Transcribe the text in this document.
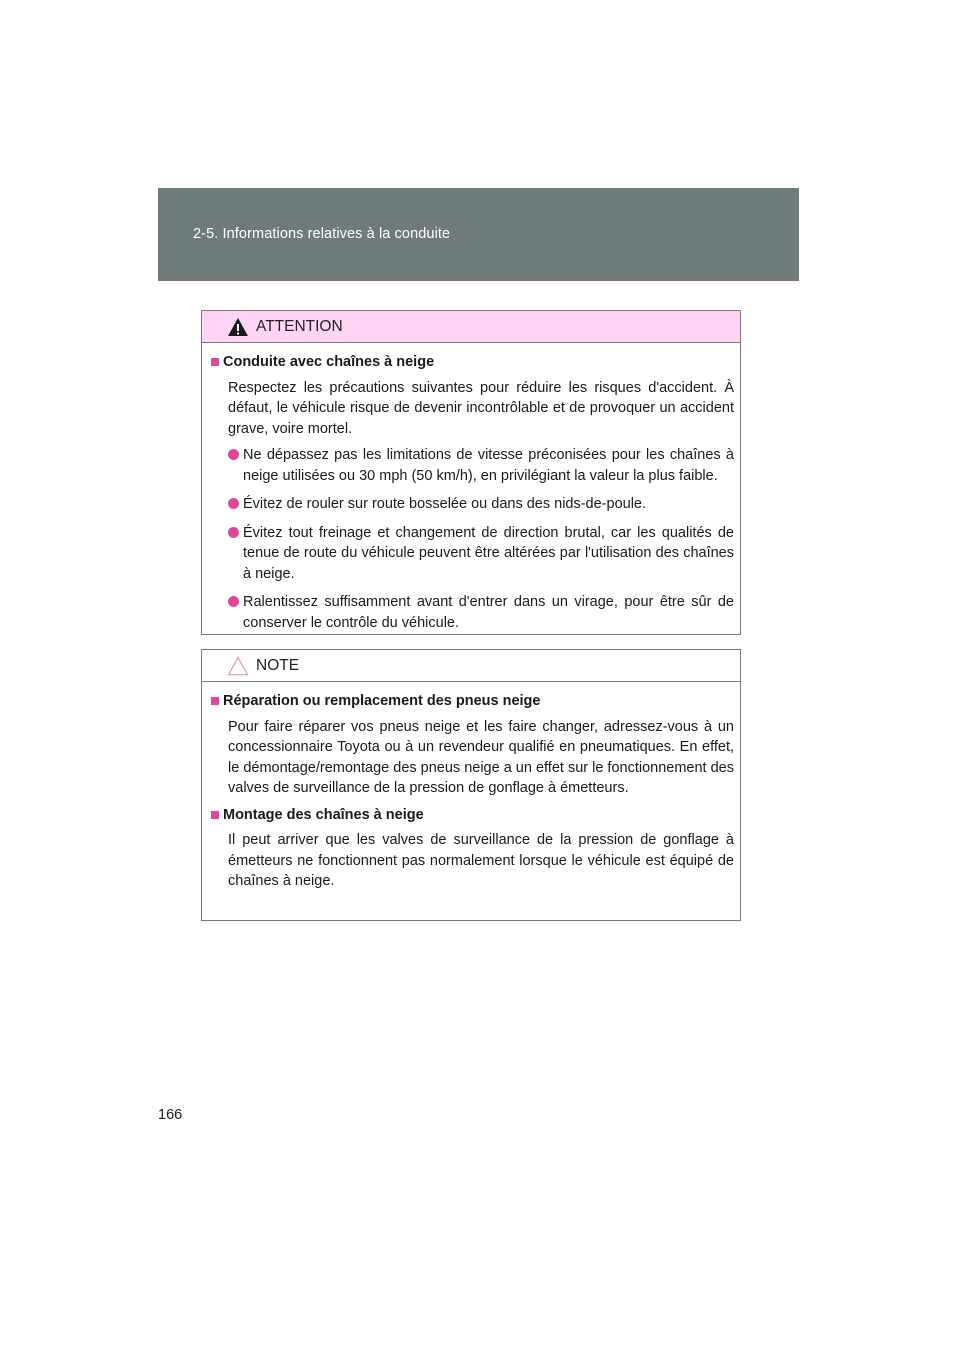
2-5. Informations relatives à la conduite
ATTENTION
Conduite avec chaînes à neige
Respectez les précautions suivantes pour réduire les risques d'accident. À défaut, le véhicule risque de devenir incontrôlable et de provoquer un accident grave, voire mortel.
Ne dépassez pas les limitations de vitesse préconisées pour les chaînes à neige utilisées ou 30 mph (50 km/h), en privilégiant la valeur la plus faible.
Évitez de rouler sur route bosselée ou dans des nids-de-poule.
Évitez tout freinage et changement de direction brutal, car les qualités de tenue de route du véhicule peuvent être altérées par l'utilisation des chaînes à neige.
Ralentissez suffisamment avant d'entrer dans un virage, pour être sûr de conserver le contrôle du véhicule.
NOTE
Réparation ou remplacement des pneus neige
Pour faire réparer vos pneus neige et les faire changer, adressez-vous à un concessionnaire Toyota ou à un revendeur qualifié en pneumatiques. En effet, le démontage/remontage des pneus neige a un effet sur le fonctionnement des valves de surveillance de la pression de gonflage à émetteurs.
Montage des chaînes à neige
Il peut arriver que les valves de surveillance de la pression de gonflage à émetteurs ne fonctionnent pas normalement lorsque le véhicule est équipé de chaînes à neige.
166
